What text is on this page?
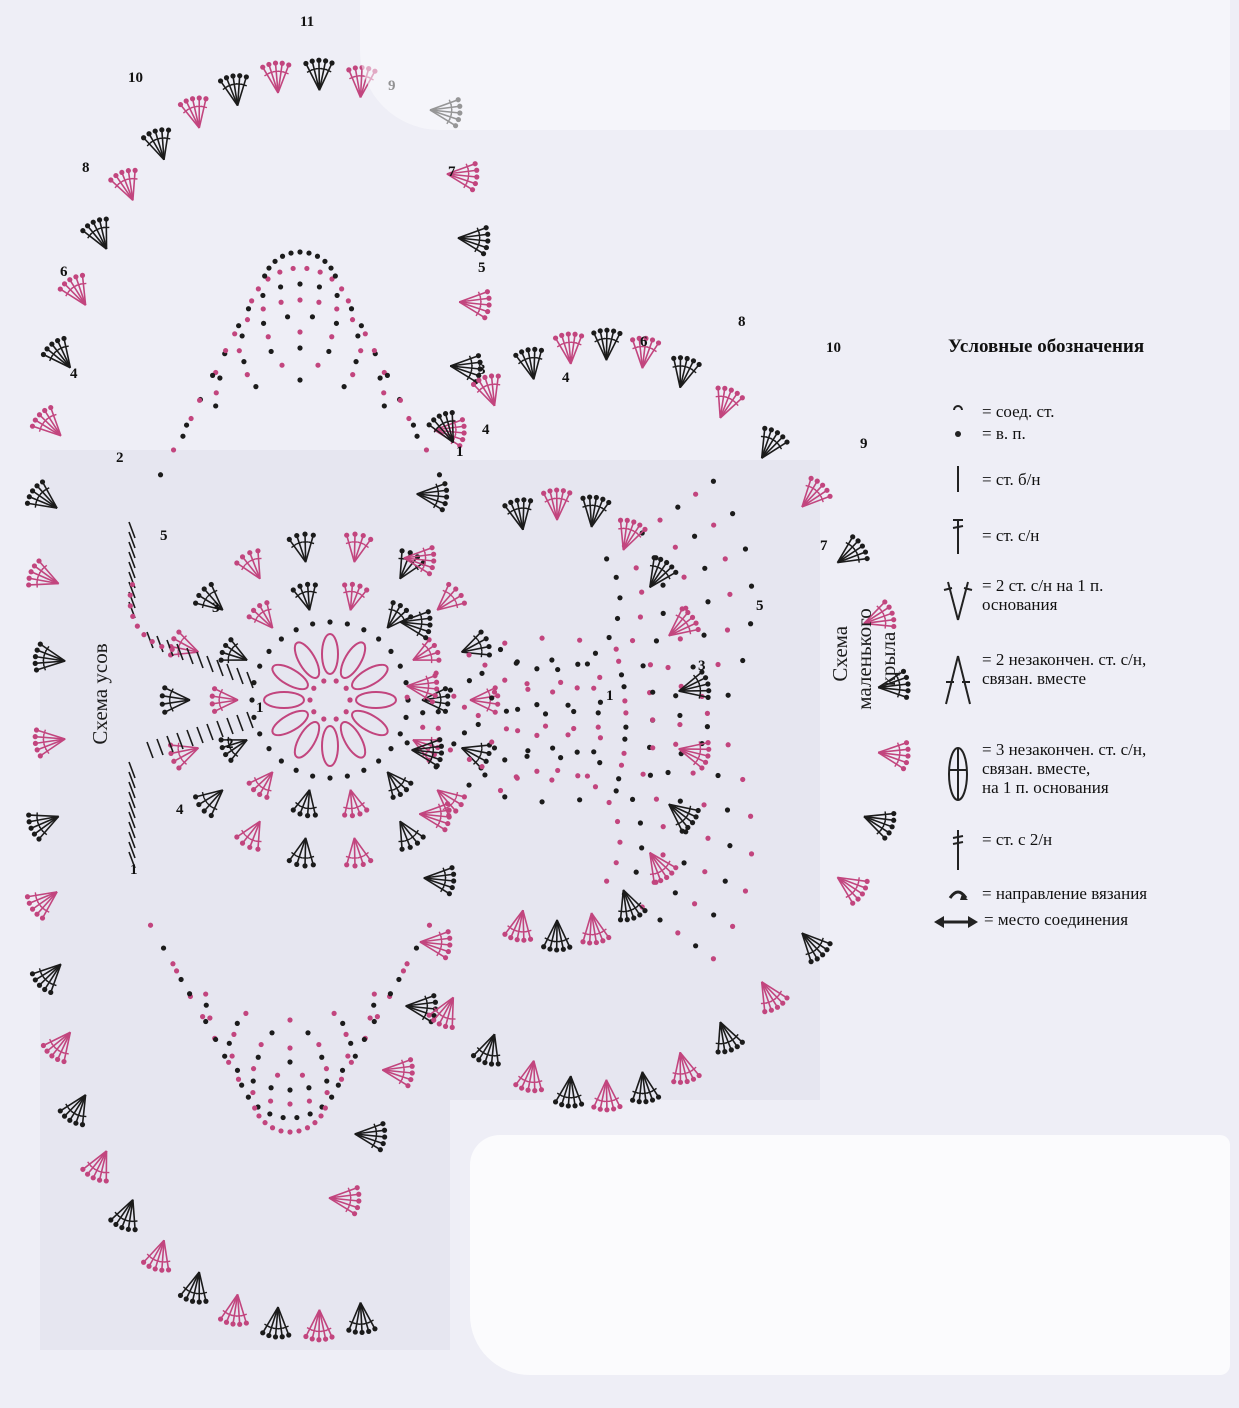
11
10
8	7
6	5
4	3
2	1
5
3
2
1
4
1
10
8
6
4
4
9
7
5
3
1
Схема усов	Схема
маленького
крыла

Условные обозначения
= соед. ст.
= в. п.
= ст. б/н
= ст. с/н
= 2 ст. с/н на 1 п.
основания
= 2 незакончен. ст. с/н,
связан. вместе
= 3 незакончен. ст. с/н,
связан. вместе,
на 1 п. основания
= ст. с 2/н
= направление вязания
= место соединения
